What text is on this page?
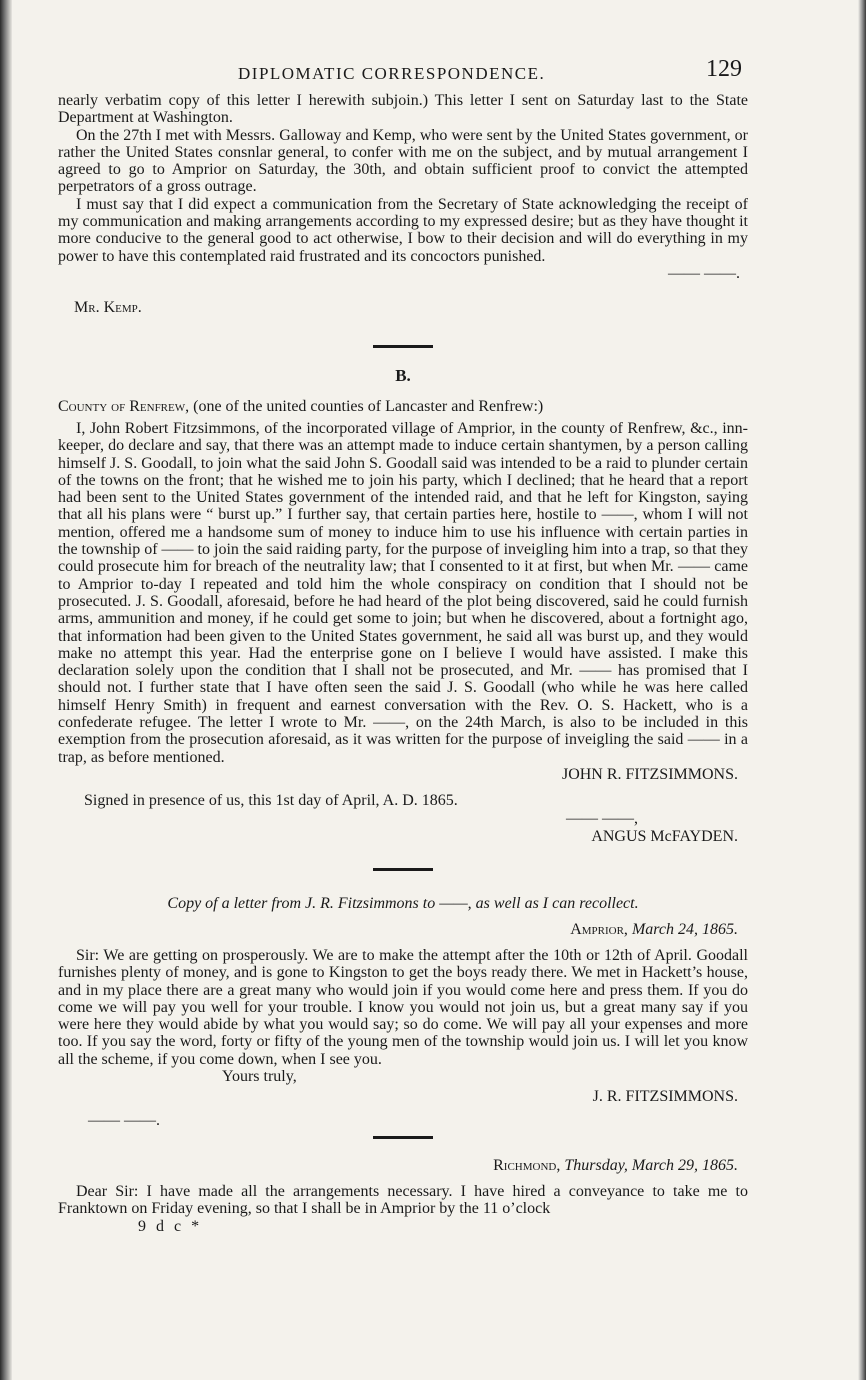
DIPLOMATIC CORRESPONDENCE.	129

nearly verbatim copy of this letter I herewith subjoin.) This letter I sent on Saturday last to the State Department at Washington.

On the 27th I met with Messrs. Galloway and Kemp, who were sent by the United States government, or rather the United States consnlar general, to confer with me on the subject, and by mutual arrangement I agreed to go to Amprior on Saturday, the 30th, and obtain sufficient proof to convict the attempted perpetrators of a gross outrage.

I must say that I did expect a communication from the Secretary of State acknowledging the receipt of my communication and making arrangements according to my expressed desire; but as they have thought it more conducive to the general good to act otherwise, I bow to their decision and will do everything in my power to have this contemplated raid frustrated and its concoctors punished.

—— ——.
Mr. Kemp.
B.
County of Renfrew, (one of the united counties of Lancaster and Renfrew:)

I, John Robert Fitzsimmons, of the incorporated village of Amprior, in the county of Renfrew, &c., inn-keeper, do declare and say, that there was an attempt made to induce certain shantymen, by a person calling himself J. S. Goodall, to join what the said John S. Goodall said was intended to be a raid to plunder certain of the towns on the front; that he wished me to join his party, which I declined; that he heard that a report had been sent to the United States government of the intended raid, and that he left for Kingston, saying that all his plans were “ burst up.” I further say, that certain parties here, hostile to ——, whom I will not mention, offered me a handsome sum of money to induce him to use his influence with certain parties in the township of —— to join the said raiding party, for the purpose of inveigling him into a trap, so that they could prosecute him for breach of the neutrality law; that I consented to it at first, but when Mr. —— came to Amprior to-day I repeated and told him the whole conspiracy on condition that I should not be prosecuted. J. S. Goodall, aforesaid, before he had heard of the plot being discovered, said he could furnish arms, ammunition and money, if he could get some to join; but when he discovered, about a fortnight ago, that information had been given to the United States government, he said all was burst up, and they would make no attempt this year. Had the enterprise gone on I believe I would have assisted. I make this declaration solely upon the condition that I shall not be prosecuted, and Mr. —— has promised that I should not. I further state that I have often seen the said J. S. Goodall (who while he was here called himself Henry Smith) in frequent and earnest conversation with the Rev. O. S. Hackett, who is a confederate refugee. The letter I wrote to Mr. ——, on the 24th March, is also to be included in this exemption from the prosecution aforesaid, as it was written for the purpose of inveigling the said —— in a trap, as before mentioned.

JOHN R. FITZSIMMONS.
Signed in presence of us, this 1st day of April, A. D. 1865.
—— ——,
ANGUS McFAYDEN.
Copy of a letter from J. R. Fitzsimmons to ——, as well as I can recollect.
Amprior, March 24, 1865.

Sir: We are getting on prosperously. We are to make the attempt after the 10th or 12th of April. Goodall furnishes plenty of money, and is gone to Kingston to get the boys ready there. We met in Hackett’s house, and in my place there are a great many who would join if you would come here and press them. If you do come we will pay you well for your trouble. I know you would not join us, but a great many say if you were here they would abide by what you would say; so do come. We will pay all your expenses and more too. If you say the word, forty or fifty of the young men of the township would join us. I will let you know all the scheme, if you come down, when I see you.

Yours truly,
J. R. FITZSIMMONS.
—— ——.
Richmond, Thursday, March 29, 1865.

Dear Sir: I have made all the arrangements necessary. I have hired a conveyance to take me to Franktown on Friday evening, so that I shall be in Amprior by the 11 o’clock

9 d c *
